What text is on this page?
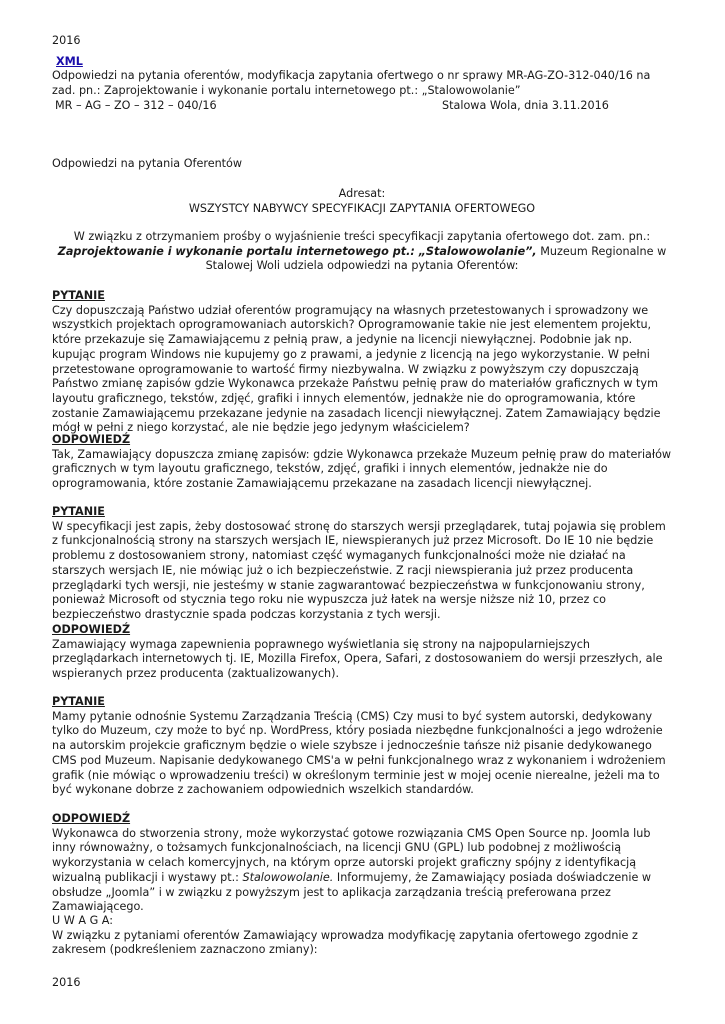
2016
XML
Odpowiedzi na pytania oferentów, modyfikacja zapytania ofertwego o nr sprawy MR-AG-ZO-312-040/16 na zad. pn.: Zaprojektowanie i wykonanie portalu internetowego pt.: „Stalowowolanie”
MR – AG – ZO – 312 – 040/16	Stalowa Wola, dnia 3.11.2016
Odpowiedzi na pytania Oferentów
Adresat:
WSZYSTCY NABYWCY SPECYFIKACJI ZAPYTANIA OFERTOWEGO
W związku z otrzymaniem prośby o wyjaśnienie treści specyfikacji zapytania ofertowego dot. zam. pn.: Zaprojektowanie i wykonanie portalu internetowego pt.: „Stalowowolanie”, Muzeum Regionalne w Stalowej Woli udziela odpowiedzi na pytania Oferentów:
PYTANIE

Czy dopuszczają Państwo udział oferentów programujący na własnych przetestowanych i sprowadzony we wszystkich projektach oprogramowaniach autorskich? Oprogramowanie takie nie jest elementem projektu, które przekazuje się Zamawiającemu z pełnią praw, a jedynie na licencji niewyłącznej. Podobnie jak np. kupując program Windows nie kupujemy go z prawami, a jedynie z licencją na jego wykorzystanie. W pełni przetestowane oprogramowanie to wartość firmy niezbywalna. W związku z powyższym czy dopuszczają Państwo zmianę zapisów gdzie Wykonawca przekaże Państwu pełnię praw do materiałów graficznych w tym layoutu graficznego, tekstów, zdjęć, grafiki i innych elementów, jednakże nie do oprogramowania, które zostanie Zamawiającemu przekazane jedynie na zasadach licencji niewyłącznej. Zatem Zamawiający będzie mógł w pełni z niego korzystać, ale nie będzie jego jedynym właścicielem?

ODPOWIEDŹ

Tak, Zamawiający dopuszcza zmianę zapisów: gdzie Wykonawca przekaże Muzeum pełnię praw do materiałów graficznych w tym layoutu graficznego, tekstów, zdjęć, grafiki i innych elementów, jednakże nie do oprogramowania, które zostanie Zamawiającemu przekazane na zasadach licencji niewyłącznej.

PYTANIE

W specyfikacji jest zapis, żeby dostosować stronę do starszych wersji przeglądarek, tutaj pojawia się problem z funkcjonalnością strony na starszych wersjach IE, niewspieranych już przez Microsoft. Do IE 10 nie będzie problemu z dostosowaniem strony, natomiast część wymaganych funkcjonalności może nie działać na starszych wersjach IE, nie mówiąc już o ich bezpieczeństwie. Z racji niewspierania już przez producenta przeglądarki tych wersji, nie jesteśmy w stanie zagwarantować bezpieczeństwa w funkcjonowaniu strony, ponieważ Microsoft od stycznia tego roku nie wypuszcza już łatek na wersje niższe niż 10, przez co bezpieczeństwo drastycznie spada podczas korzystania z tych wersji.

ODPOWIEDŹ

Zamawiający wymaga zapewnienia poprawnego wyświetlania się strony na najpopularniejszych przeglądarkach internetowych tj. IE, Mozilla Firefox, Opera, Safari, z dostosowaniem do wersji przeszłych, ale wspieranych przez producenta (zaktualizowanych).

PYTANIE

Mamy pytanie odnośnie Systemu Zarządzania Treścią (CMS) Czy musi to być system autorski, dedykowany tylko do Muzeum, czy może to być np. WordPress, który posiada niezbędne funkcjonalności a jego wdrożenie na autorskim projekcie graficznym będzie o wiele szybsze i jednocześnie tańsze niż pisanie dedykowanego CMS pod Muzeum. Napisanie dedykowanego CMS'a w pełni funkcjonalnego wraz z wykonaniem i wdrożeniem grafik (nie mówiąc o wprowadzeniu treści) w określonym terminie jest w mojej ocenie nierealne, jeżeli ma to być wykonane dobrze z zachowaniem odpowiednich wszelkich standardów.

ODPOWIEDŹ

Wykonawca do stworzenia strony, może wykorzystać gotowe rozwiązania CMS Open Source np. Joomla lub inny równoważny, o tożsamych funkcjonalnościach, na licencji GNU (GPL) lub podobnej z możliwością wykorzystania w celach komercyjnych, na którym oprze autorski projekt graficzny spójny z identyfikacją wizualną publikacji i wystawy pt.: Stalowowolanie. Informujemy, że Zamawiający posiada doświadczenie w obsłudze „Joomla” i w związku z powyższym jest to aplikacja zarządzania treścią preferowana przez Zamawiającego.

U W A G A:

W związku z pytaniami oferentów Zamawiający wprowadza modyfikację zapytania ofertowego zgodnie z zakresem (podkreśleniem zaznaczono zmiany):

2016
